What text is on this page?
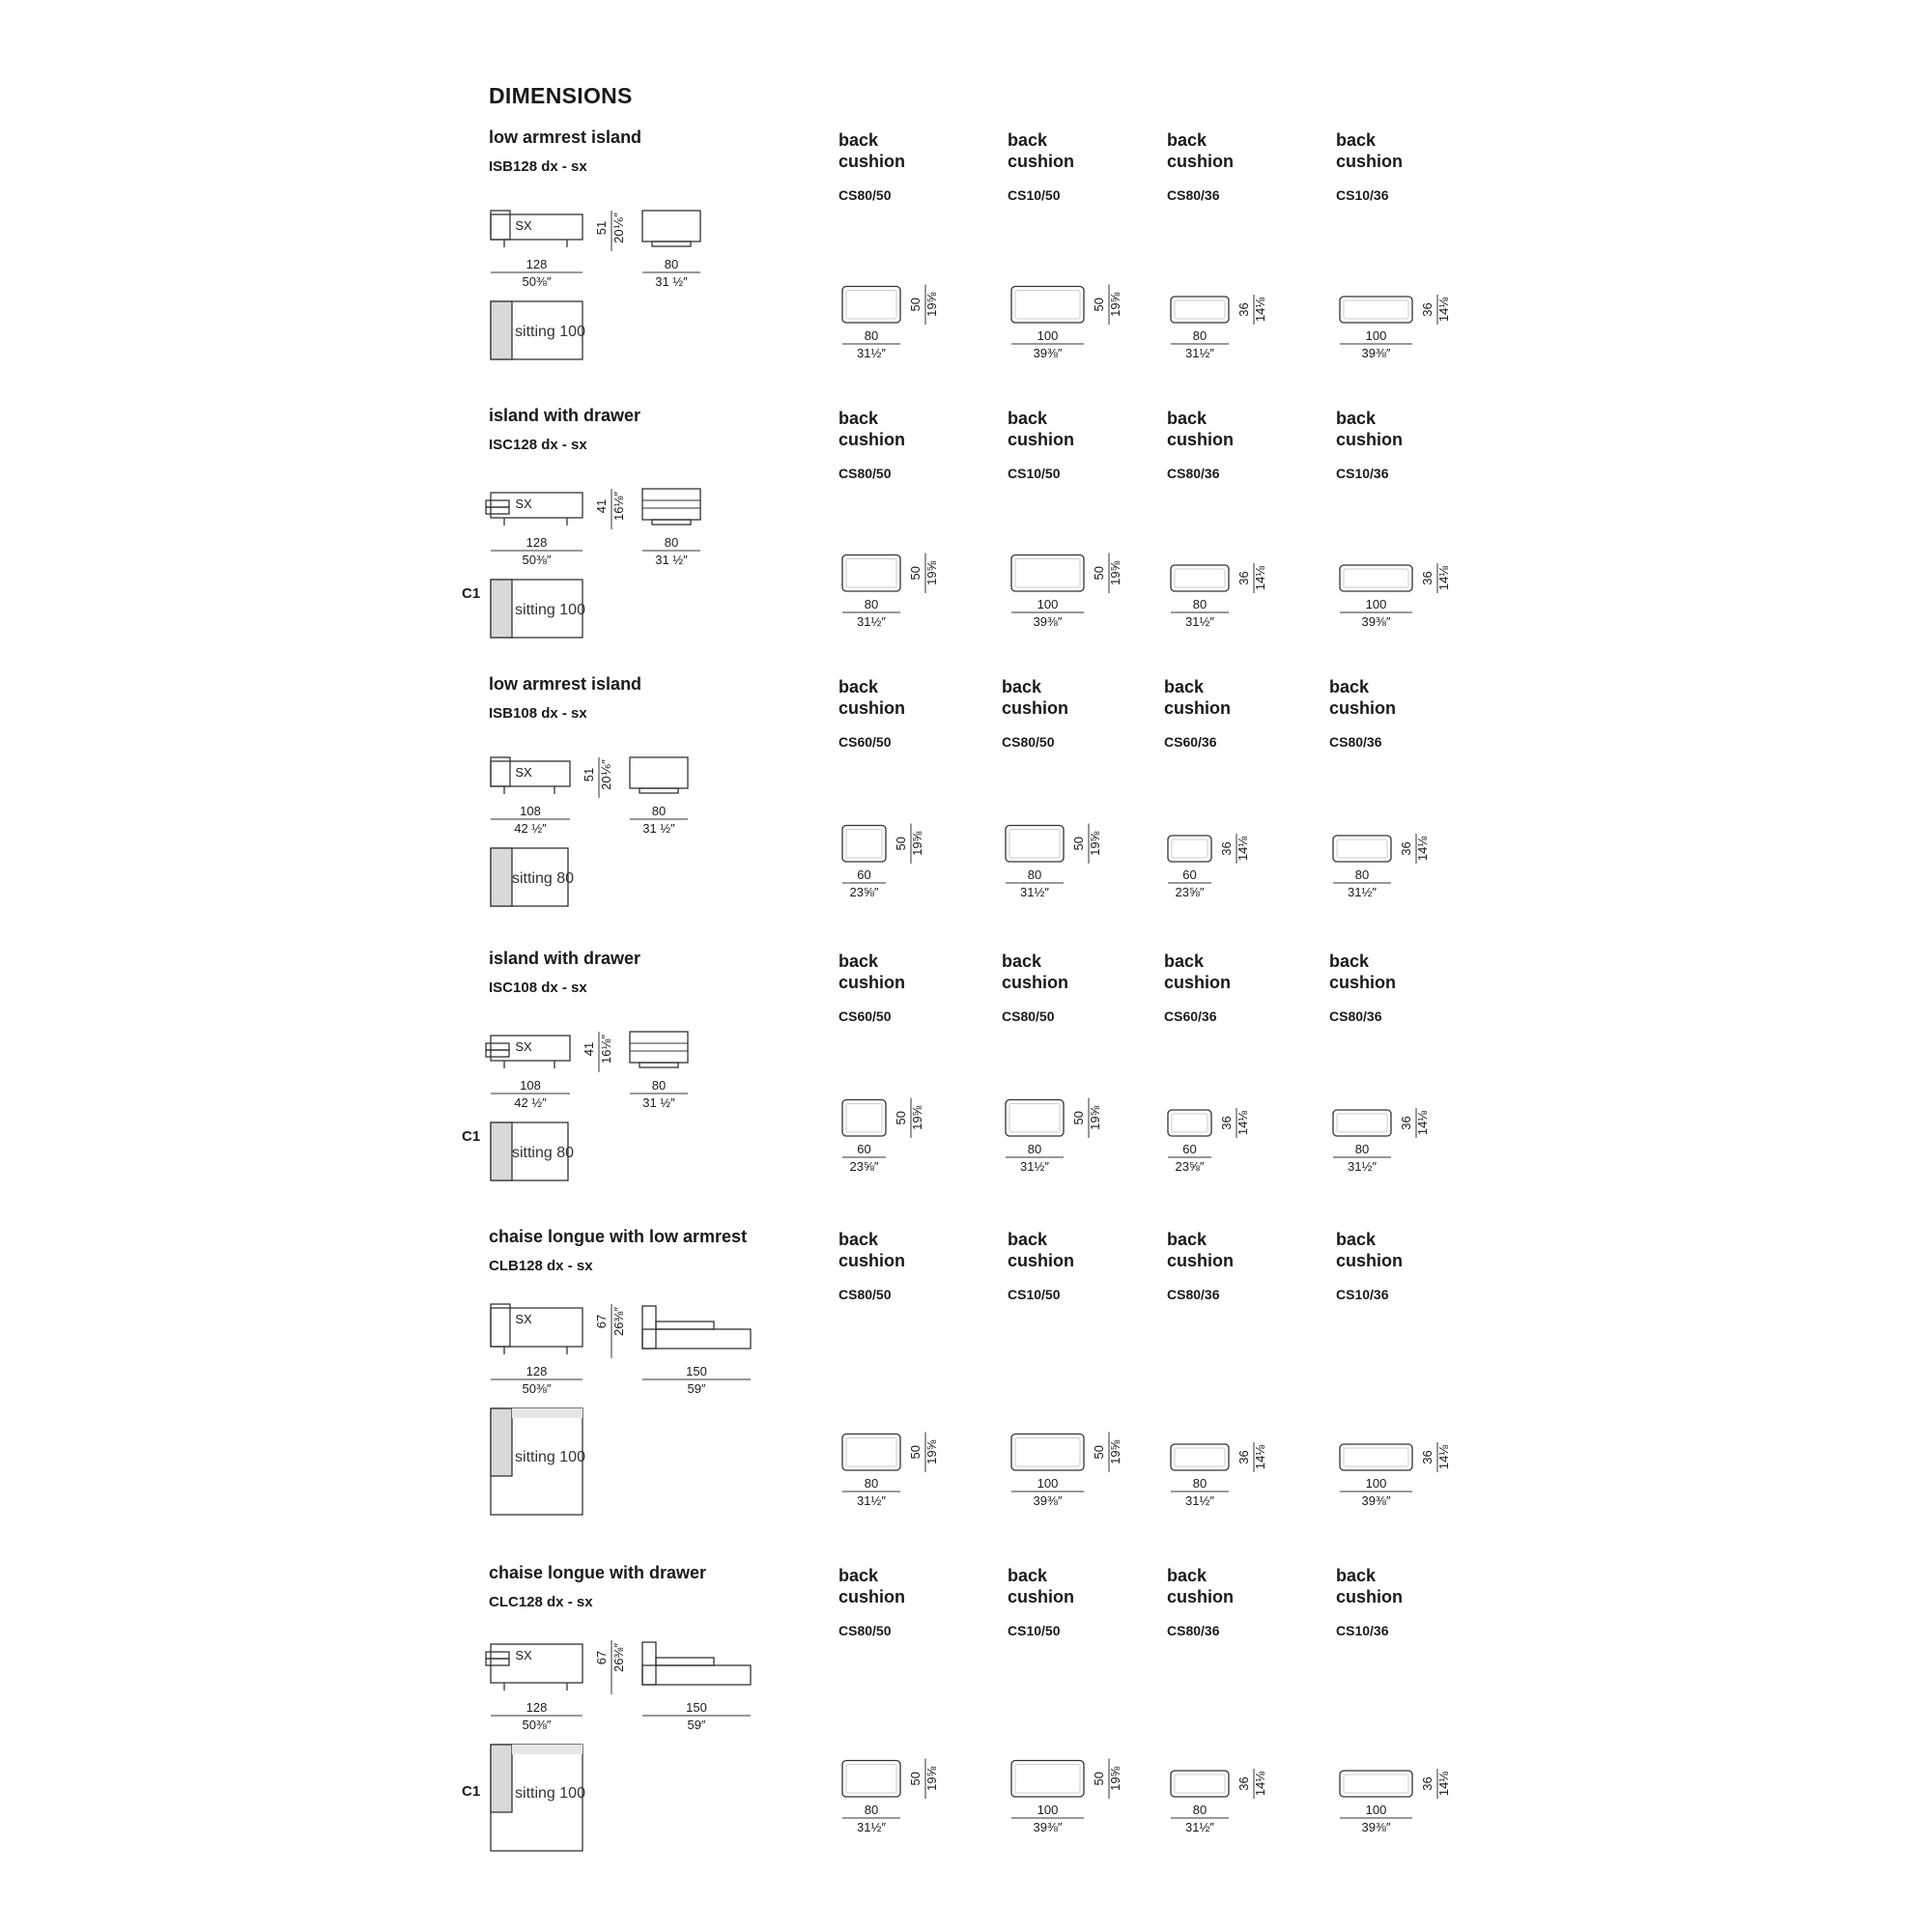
DIMENSIONS
low armrest island
ISB128 dx - sx
SX	51 20⅙″
128
50⅜″
80
31 ½″
sitting 100
back
cushion
CS80/50
50 19⅝
80
31½″
back
cushion
CS10/50
50 19⅝
100
39⅜″
back
cushion
CS80/36
36 14⅛
80
31½″
back
cushion
CS10/36
36 14⅛
100
39⅜″
island with drawer
ISC128 dx - sx
C1
SX	41 16⅛″
128
50⅜″
80
31 ½″
sitting 100
back
cushion
CS80/50
50 19⅝
80
31½″
back
cushion
CS10/50
50 19⅝
100
39⅜″
back
cushion
CS80/36
36 14⅛
80
31½″
back
cushion
CS10/36
36 14⅛
100
39⅜″
low armrest island
ISB108 dx - sx
SX	51 20⅙″
108
42 ½″
80
31 ½″
sitting 80
back
cushion
CS60/50
50 19⅝
60
23⅝″
back
cushion
CS80/50
50 19⅝
80
31½″
back
cushion
CS60/36
36 14⅛
60
23⅝″
back
cushion
CS80/36
36 14⅛
80
31½″
island with drawer
ISC108 dx - sx
C1
SX	41 16⅛″
108
42 ½″
80
31 ½″
sitting 80
back
cushion
CS60/50
50 19⅝
60
23⅝″
back
cushion
CS80/50
50 19⅝
80
31½″
back
cushion
CS60/36
36 14⅛
60
23⅝″
back
cushion
CS80/36
36 14⅛
80
31½″
chaise longue with low armrest
CLB128 dx - sx
SX	67 26⅜″
128
50⅜″
150
59″
sitting 100
back
cushion
CS80/50
50 19⅝
80
31½″
back
cushion
CS10/50
50 19⅝
100
39⅜″
back
cushion
CS80/36
36 14⅛
80
31½″
back
cushion
CS10/36
36 14⅛
100
39⅜″
chaise longue with drawer
CLC128 dx - sx
C1
SX	67 26⅜″
128
50⅜″
150
59″
sitting 100
back
cushion
CS80/50
50 19⅝
80
31½″
back
cushion
CS10/50
50 19⅝
100
39⅜″
back
cushion
CS80/36
36 14⅛
80
31½″
back
cushion
CS10/36
36 14⅛
100
39⅜″
